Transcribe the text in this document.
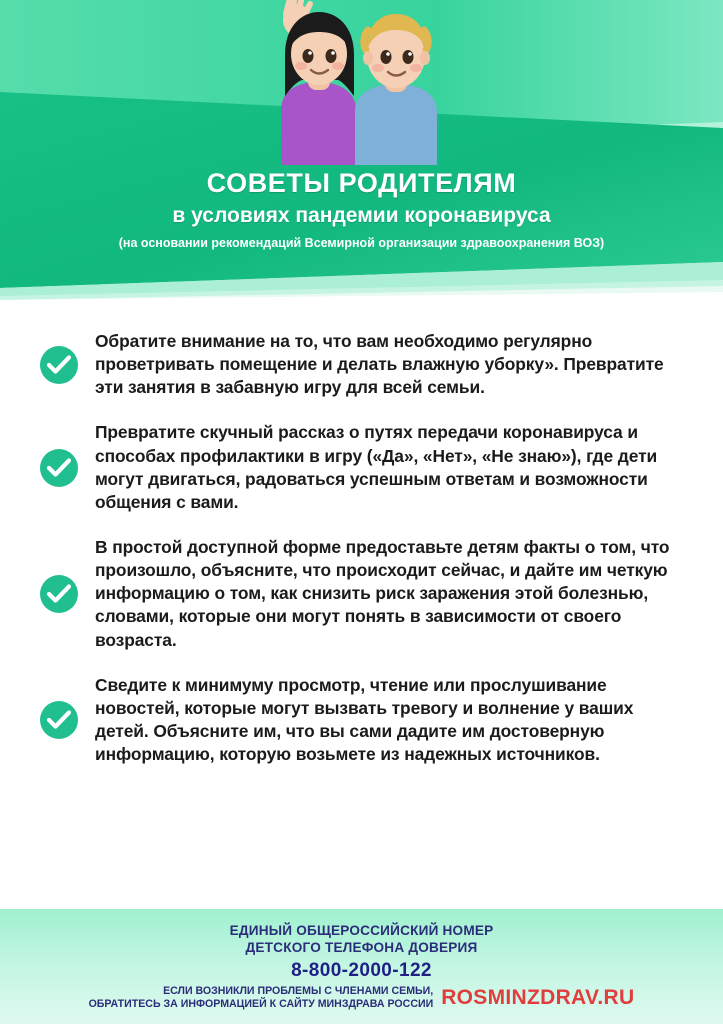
СОВЕТЫ РОДИТЕЛЯМ
в условиях пандемии коронавируса
(на основании рекомендаций Всемирной организации здравоохранения ВОЗ)
Обратите внимание на то, что вам необходимо регулярно проветривать помещение и делать влажную уборку». Превратите эти занятия в забавную игру для всей семьи.
Превратите скучный рассказ о путях передачи коронавируса и способах профилактики в игру («Да», «Нет», «Не знаю»), где дети могут двигаться, радоваться успешным ответам и возможности общения с вами.
В простой доступной форме предоставьте детям факты о том, что произошло, объясните, что происходит сейчас, и дайте им четкую информацию о том, как снизить риск заражения этой болезнью, словами, которые они могут понять в зависимости от своего возраста.
Сведите к минимуму просмотр, чтение или прослушивание новостей, которые могут вызвать тревогу и волнение у ваших детей. Объясните им, что вы сами дадите им достоверную информацию, которую возьмете из надежных источников.
ЕДИНЫЙ ОБЩЕРОССИЙСКИЙ НОМЕР
ДЕТСКОГО ТЕЛЕФОНА ДОВЕРИЯ
8-800-2000-122
ЕСЛИ ВОЗНИКЛИ ПРОБЛЕМЫ С ЧЛЕНАМИ СЕМЬИ,
ОБРАТИТЕСЬ ЗА ИНФОРМАЦИЕЙ К САЙТУ МИНЗДРАВА РОССИИ ROSMINZDRAV.RU
